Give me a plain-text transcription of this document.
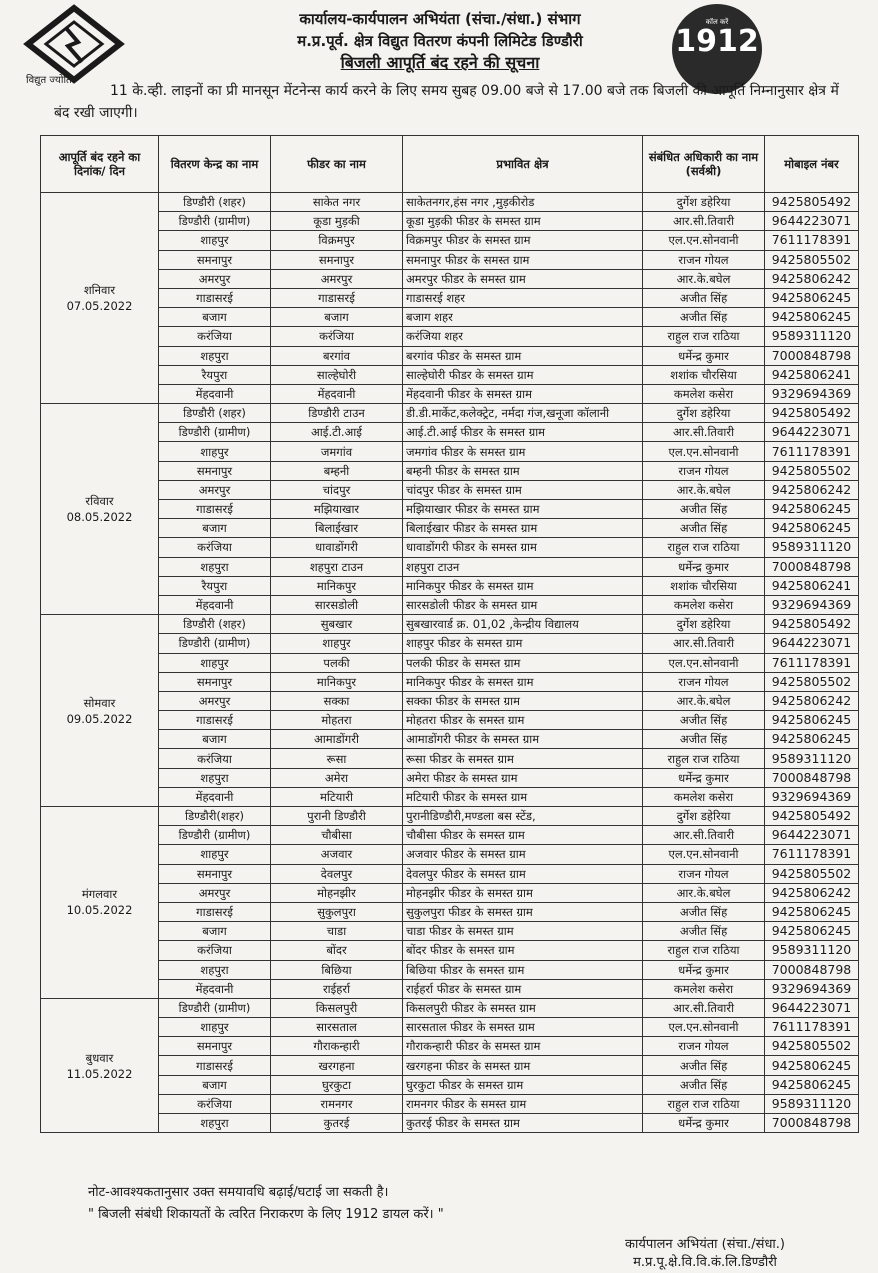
विद्युत ज्योति
कार्यालय-कार्यपालन अभियंता (संचा./संधा.) संभाग
म.प्र.पूर्व. क्षेत्र विद्युत वितरण कंपनी लिमिटेड डिण्डौरी
बिजली आपूर्ति बंद रहने की सूचना
कॉल करें
1912
11 के.व्ही. लाइनों का प्री मानसून मेंटनेन्स कार्य करने के लिए समय सुबह 09.00 बजे से 17.00 बजे तक बिजली की आपूर्ति निम्नानुसार क्षेत्र में बंद रखी जाएगी।
आपूर्ति बंद रहने का दिनांक/ दिन	वितरण केन्द्र का नाम	फीडर का नाम	प्रभावित क्षेत्र	संबंधित अधिकारी का नाम (सर्वश्री)	मोबाइल नंबर

शनिवार
07.05.2022	डिण्डौरी (शहर)	साकेत नगर	साकेतनगर,हंस नगर ,मुड़कीरोड	दुर्गेश डहेरिया	9425805492
	डिण्डौरी (ग्रामीण)	कूडा मुड़की	कूडा मुड़की फीडर के समस्त ग्राम	आर.सी.तिवारी	9644223071
	शाहपुर	विक्रमपुर	विक्रमपुर फीडर के समस्त ग्राम	एल.एन.सोनवानी	7611178391
	समनापुर	समनापुर	समनापुर फीडर के समस्त ग्राम	राजन गोयल	9425805502
	अमरपुर	अमरपुर	अमरपुर फीडर के समस्त ग्राम	आर.के.बघेल	9425806242
	गाडासरई	गाडासरई	गाडासरई शहर	अजीत सिंह	9425806245
	बजाग	बजाग	बजाग शहर	अजीत सिंह	9425806245
	करंजिया	करंजिया	करंजिया शहर	राहुल राज राठिया	9589311120
	शहपुरा	बरगांव	बरगांव फीडर के समस्त ग्राम	धर्मेन्द्र कुमार	7000848798
	रैयपुरा	साल्हेघोरी	साल्हेघोरी फीडर के समस्त ग्राम	शशांक चौरसिया	9425806241
	मेंहदवानी	मेंहदवानी	मेंहदवानी फीडर के समस्त ग्राम	कमलेश कसेरा	9329694369

रविवार
08.05.2022	डिण्डौरी (शहर)	डिण्डौरी टाउन	डी.डी.मार्केट,कलेक्ट्रेट, नर्मदा गंज,खनूजा कॉलानी	दुर्गेश डहेरिया	9425805492
	डिण्डौरी (ग्रामीण)	आई.टी.आई	आई.टी.आई फीडर के समस्त ग्राम	आर.सी.तिवारी	9644223071
	शाहपुर	जमगांव	जमगांव फीडर के समस्त ग्राम	एल.एन.सोनवानी	7611178391
	समनापुर	बम्हनी	बम्हनी फीडर के समस्त ग्राम	राजन गोयल	9425805502
	अमरपुर	चांदपुर	चांदपुर फीडर के समस्त ग्राम	आर.के.बघेल	9425806242
	गाडासरई	मझियाखार	मझियाखार फीडर के समस्त ग्राम	अजीत सिंह	9425806245
	बजाग	बिलाईखार	बिलाईखार फीडर के समस्त ग्राम	अजीत सिंह	9425806245
	करंजिया	धावाडोंगरी	धावाडोंगरी फीडर के समस्त ग्राम	राहुल राज राठिया	9589311120
	शहपुरा	शहपुरा टाउन	शहपुरा टाउन	धर्मेन्द्र कुमार	7000848798
	रैयपुरा	मानिकपुर	मानिकपुर फीडर के समस्त ग्राम	शशांक चौरसिया	9425806241
	मेंहदवानी	सारसडोली	सारसडोली फीडर के समस्त ग्राम	कमलेश कसेरा	9329694369

सोमवार
09.05.2022	डिण्डौरी (शहर)	सुबखार	सुबखारवार्ड क्र. 01,02 ,केन्द्रीय विद्यालय	दुर्गेश डहेरिया	9425805492
	डिण्डौरी (ग्रामीण)	शाहपुर	शाहपुर फीडर के समस्त ग्राम	आर.सी.तिवारी	9644223071
	शाहपुर	पलकी	पलकी फीडर के समस्त ग्राम	एल.एन.सोनवानी	7611178391
	समनापुर	मानिकपुर	मानिकपुर फीडर के समस्त ग्राम	राजन गोयल	9425805502
	अमरपुर	सक्का	सक्का फीडर के समस्त ग्राम	आर.के.बघेल	9425806242
	गाडासरई	मोहतरा	मोहतरा फीडर के समस्त ग्राम	अजीत सिंह	9425806245
	बजाग	आमाडोंगरी	आमाडोंगरी फीडर के समस्त ग्राम	अजीत सिंह	9425806245
	करंजिया	रूसा	रूसा फीडर के समस्त ग्राम	राहुल राज राठिया	9589311120
	शहपुरा	अमेरा	अमेरा फीडर के समस्त ग्राम	धर्मेन्द्र कुमार	7000848798
	मेंहदवानी	मटियारी	मटियारी फीडर के समस्त ग्राम	कमलेश कसेरा	9329694369

मंगलवार
10.05.2022	डिण्डौरी(शहर)	पुरानी डिण्डौरी	पुरानीडिण्डौरी,मण्डला बस स्टेंड,	दुर्गेश डहेरिया	9425805492
	डिण्डौरी (ग्रामीण)	चौबीसा	चौबीसा फीडर के समस्त ग्राम	आर.सी.तिवारी	9644223071
	शाहपुर	अजवार	अजवार फीडर के समस्त ग्राम	एल.एन.सोनवानी	7611178391
	समनापुर	देवलपुर	देवलपुर फीडर के समस्त ग्राम	राजन गोयल	9425805502
	अमरपुर	मोहनझीर	मोहनझीर फीडर के समस्त ग्राम	आर.के.बघेल	9425806242
	गाडासरई	सुकुलपुरा	सुकुलपुरा फीडर के समस्त ग्राम	अजीत सिंह	9425806245
	बजाग	चाडा	चाडा फीडर के समस्त ग्राम	अजीत सिंह	9425806245
	करंजिया	बोंदर	बोंदर फीडर के समस्त ग्राम	राहुल राज राठिया	9589311120
	शहपुरा	बिछिया	बिछिया फीडर के समस्त ग्राम	धर्मेन्द्र कुमार	7000848798
	मेंहदवानी	राईहर्रा	राईहर्रा फीडर के समस्त ग्राम	कमलेश कसेरा	9329694369

बुधवार
11.05.2022	डिण्डौरी (ग्रामीण)	किसलपुरी	किसलपुरी फीडर के समस्त ग्राम	आर.सी.तिवारी	9644223071
	शाहपुर	सारसताल	सारसताल फीडर के समस्त ग्राम	एल.एन.सोनवानी	7611178391
	समनापुर	गौराकन्हारी	गौराकन्हारी फीडर के समस्त ग्राम	राजन गोयल	9425805502
	गाडासरई	खरगहना	खरगहना फीडर के समस्त ग्राम	अजीत सिंह	9425806245
	बजाग	घुरकुटा	घुरकुटा फीडर के समस्त ग्राम	अजीत सिंह	9425806245
	करंजिया	रामनगर	रामनगर फीडर के समस्त ग्राम	राहुल राज राठिया	9589311120
	शहपुरा	कुतरई	कुतरई फीडर के समस्त ग्राम	धर्मेन्द्र कुमार	7000848798
नोट-आवश्यकतानुसार उक्त समयावधि बढ़ाई/घटाई जा सकती है।
" बिजली संबंधी शिकायतों के त्वरित निराकरण के लिए 1912 डायल करें। "
कार्यपालन अभियंता (संचा./संधा.)
म.प्र.पू.क्षे.वि.वि.कं.लि.डिण्डौरी
